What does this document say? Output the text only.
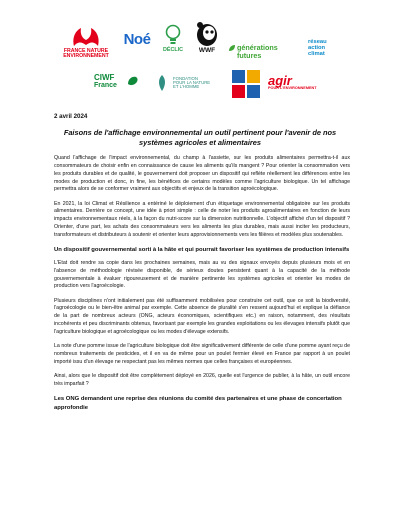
FRANCE NATURE
ENVIRONNEMENT
Noé
DÉCLIC WWF	générations
futures
réseau
action
climat
CIWF
France
FONDATION
POUR LA NATURE
ET L'HOMME	agir
POUR L'ENVIRONNEMENT
2 avril 2024
Faisons de l'affichage environnemental un outil pertinent pour l'avenir de nos systèmes agricoles et alimentaires

Quand l'affichage de l'impact environnemental, du champ à l'assiette, sur les produits alimentaires permettra-t-il aux consommateurs de choisir enfin en connaissance de cause les aliments qu'ils mangent ? Pour orienter la consommation vers les produits durables et de qualité, le gouvernement doit proposer un dispositif qui reflète réellement les différences entre les modes de production et donc, in fine, les bénéfices de certains modèles comme l'agriculture biologique. Un tel affichage permettra alors de se conformer vraiment aux objectifs et enjeux de la transition agroécologique.

En 2021, la loi Climat et Résilience a entériné le déploiement d'un étiquetage environnemental obligatoire sur les produits alimentaires. Derrière ce concept, une idée à priori simple : celle de noter les produits agroalimentaires en fonction de leurs impacts environnementaux réels, à la façon du nutri-score sur la dimension nutritionnelle. L'objectif affiché d'un tel dispositif ? Orienter, d'une part, les achats des consommateurs vers les aliments les plus durables, mais aussi inciter les producteurs, transformateurs et distributeurs à soutenir et orienter leurs approvisionnements vers les filières et modèles plus soutenables.

Un dispositif gouvernemental sorti à la hâte et qui pourrait favoriser les systèmes de production intensifs

L'Etat doit rendre sa copie dans les prochaines semaines, mais au vu des signaux envoyés depuis plusieurs mois et en l'absence de méthodologie révisée disponible, de sérieux doutes persistent quant à la capacité de la méthode gouvernementale à évaluer rigoureusement et de manière pertinente les systèmes agricoles et orienter les modes de production vers l'agroécologie.

Plusieurs disciplines n'ont initialement pas été suffisamment mobilisées pour construire cet outil, que ce soit la biodiversité, l'agroécologie ou le bien-être animal par exemple. Cette absence de pluralité s'en ressent aujourd'hui et explique la défiance de la part de nombreux acteurs (ONG, acteurs économiques, scientifiques etc.) en raison, notamment, des résultats incohérents et peu discriminants obtenus, favorisant par exemple les grandes exploitations ou les élevages intensifs plutôt que l'agriculture biologique et agroécologique ou les modes d'élevage extensifs.

La note d'une pomme issue de l'agriculture biologique doit être significativement différente de celle d'une pomme ayant reçu de nombreux traitements de pesticides, et il en va de même pour un poulet fermier élevé en France par rapport à un poulet importé issu d'un élevage ne respectant pas les mêmes normes que celles françaises et européennes.

Ainsi, alors que le dispositif doit être complètement déployé en 2026, quelle est l'urgence de publier, à la hâte, un outil encore très imparfait ?

Les ONG demandent une reprise des réunions du comité des partenaires et une phase de concertation approfondie
